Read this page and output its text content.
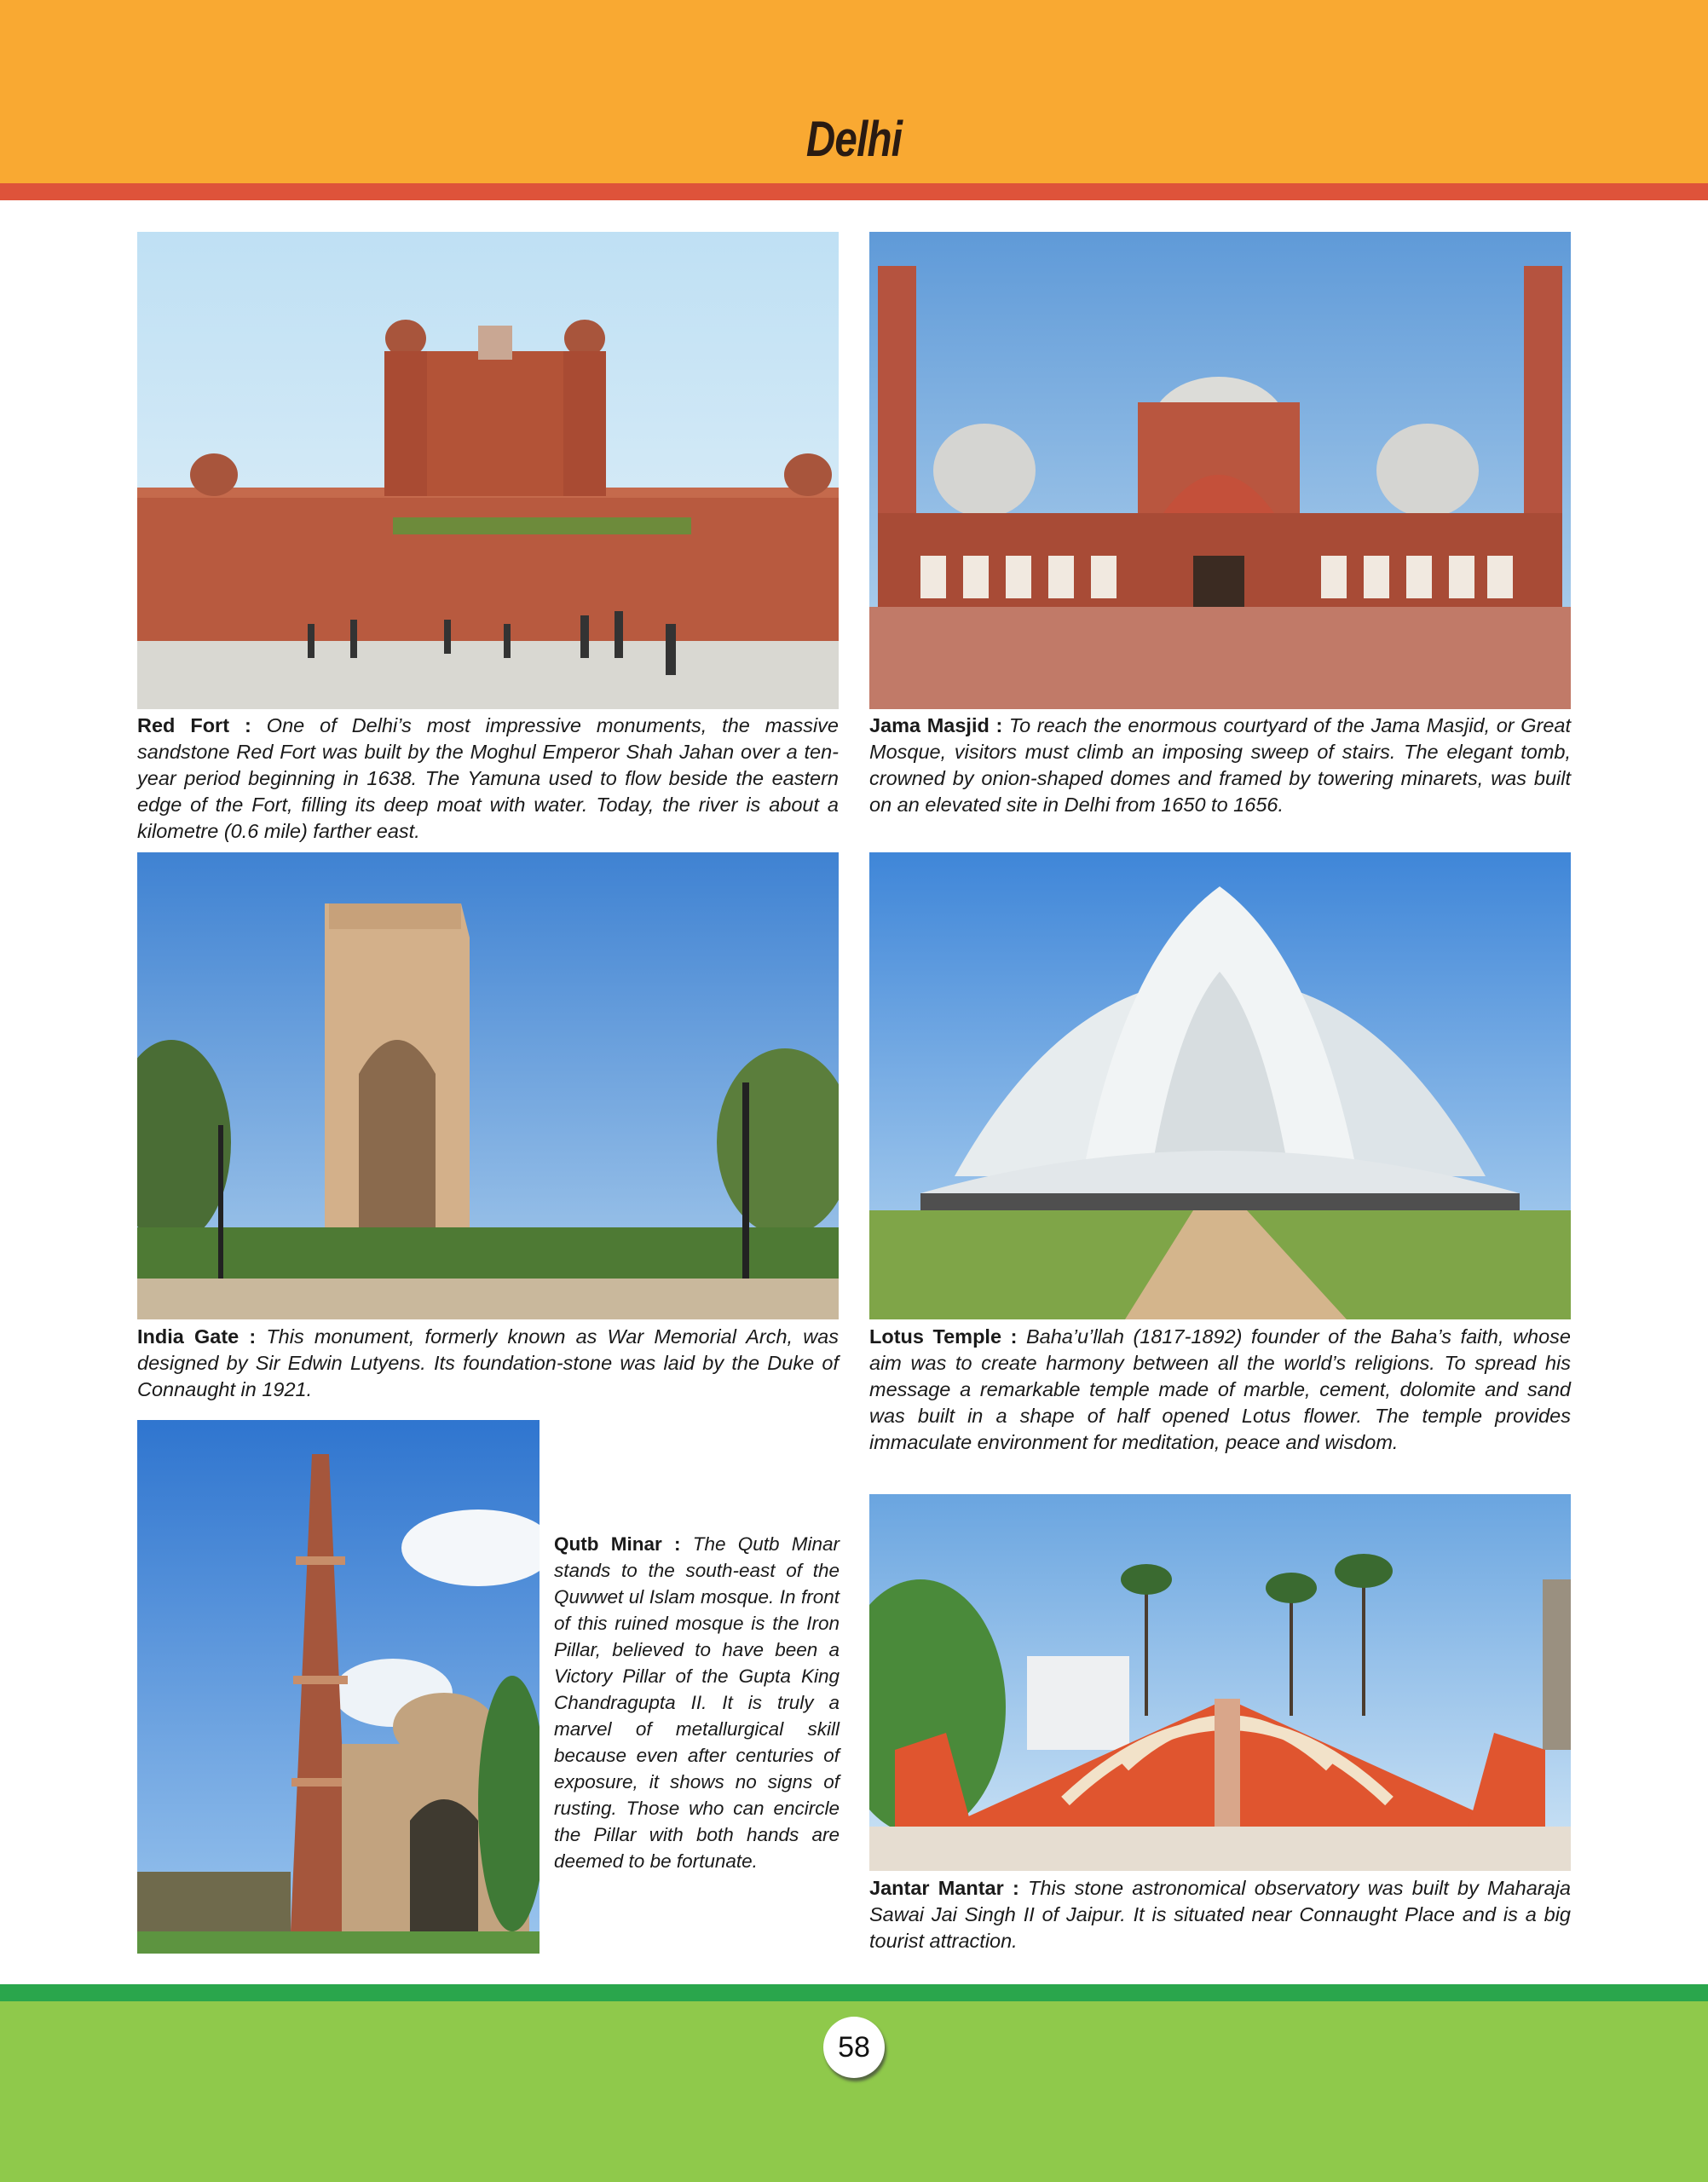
Delhi
Red Fort : One of Delhi’s most impressive monuments, the massive sandstone Red Fort was built by the Moghul Emperor Shah Jahan over a ten-year period beginning in 1638. The Yamuna used to flow beside the eastern edge of the Fort, filling its deep moat with water. Today, the river is about a kilometre (0.6 mile) farther east.
Jama Masjid : To reach the enormous courtyard of the Jama Masjid, or Great Mosque, visitors must climb an imposing sweep of stairs. The elegant tomb, crowned by onion-shaped domes and framed by towering minarets, was built on an elevated site in Delhi from 1650 to 1656.
India Gate : This monument, formerly known as War Memorial Arch, was designed by Sir Edwin Lutyens. Its foundation-stone was laid by the Duke of Connaught in 1921.
Lotus Temple : Baha’u’llah (1817-1892) founder of the Baha’s faith, whose aim was to create harmony between all the world’s religions. To spread his message a remarkable temple made of marble, cement, dolomite and sand was built in a shape of half opened Lotus flower. The temple provides immaculate environment for meditation, peace and wisdom.
Qutb Minar : The Qutb Minar stands to the south-east of the Quwwet ul Islam mosque. In front of this ruined mosque is the Iron Pillar, believed to have been a Victory Pillar of the Gupta King Chandragupta II. It is truly a marvel of metallurgical skill because even after centuries of exposure, it shows no signs of rusting. Those who can encircle the Pillar with both hands are deemed to be fortunate.
Jantar Mantar : This stone astronomical observatory was built by Maharaja Sawai Jai Singh II of Jaipur. It is situated near Connaught Place and is a big tourist attraction.
58
